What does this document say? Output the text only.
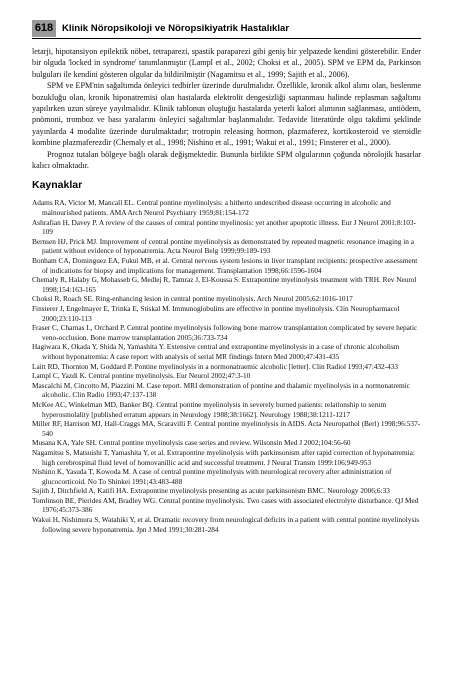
618 Klinik Nöropsikoloji ve Nöropsikiyatrik Hastalıklar

letarji, hipotansiyon epilektik nöbet, tetraparezi, spastik paraparezi gibi geniş bir yelpazede kendini gösterebilir. Ender bir olguda 'locked in syndrome' tanımlanmıştır (Lampl et al., 2002; Choksi et al., 2005). SPM ve EPM da, Parkinson bulguları ile kendini gösteren olgular da bildirilmiştir (Nagamitsu et al., 1999; Sajith et al., 2006).

SPM ve EPM'nin sağaltımda önleyici tedbirler üzerinde durulmalıdır. Özellikle, kronik alkol alımı olan, beslenme bozukluğu olan, kronik hiponatremisi olan hastalarda elektrolit dengesizliği saptanması halinde replasman sağaltımı yapılırken uzun süreye yayılmalıdır. Klinik tablonun oluştuğu hastalarda yeterli kalori alımının sağlanması, antiödem, pnömoni, tromboz ve bası yaralarını önleyici sağaltımlar başlanmalıdır. Tedavide literatürde olgu takdimi şeklinde yayınlarda 4 modalite üzerinde durulmaktadır; trotropin releasing hormon, plazmaferez, kortikosteroid ve steroidle kombine plazmaferezdir (Chemaly et al., 1998; Nishino et al., 1991; Wakui et al., 1991; Finsterer et al., 2000).

Prognoz tutalan bölgeye bağlı olarak değişmektedir. Bununla birlikte SPM olgularının çoğunda nörolojik hasarlar kalıcı olmaktadır.

Kaynaklar

Adams RA, Victor M, Mancall EL. Central pontine myelinolysis: a hitherto undescribed disease occurring in alcoholic and malnourished patients. AMA Arch Neurol Psychiatry 1959;81:154-172

Ashrafian H, Davey P. A review of the causes of central pontine myelinosis: yet another apoptotic illness. Eur J Neurol 2001;8:103-109

Bernsen HJ, Prick MJ. Improvement of central pontine myelinolysis as demonstrated by repeated magnetic resonance imaging in a patient without evidence of hyponatremia. Acta Neurol Belg 1999;99:189-193

Bonham CA, Dominguez EA, Fukui MB, et al. Central nervous system lesions in liver transplant recipients: prospective assessment of indications for biopsy and implications for management. Transplantation 1998;66:1596-1604

Chemaly R, Halaby G, Mohasseb G, Medlej R, Tamraz J, El-Koussa S. Extrapontine myelinolysis treatment with TRH. Rev Neurol 1998;154:163-165

Choksi R, Roach SE. Ring-enhancing lesion in central pontine myelinolysis. Arch Neurol 2005;62:1016-1017

Finsterer J, Engelmayer E, Trinka E, Stiskal M. Immunoglobulins are effective in pontine myelinolysis. Clin Neuropharmacol 2000;23:110-113

Fraser C, Charnas L, Orchard P. Central pontine myelinolysis following bone marrow transplantation complicated by severe hepatic veno-occlusion. Bone marrow transplantation 2005;36:733-734

Hagiwara K, Okada Y, Shida N, Yamashita Y. Extensive central and extrapontine myelinolysis in a case of chronic alcoholism without hyponatremia: A case report with analysis of serial MR findings Intern Med 2000;47:431-435

Laitt RD, Thornton M, Goddard P. Pontine myelinolysis in a normonatraemic alcoholic [letter]. Clin Radiol 1993;47:432-433

Lampl C, Yazdi K. Central pontine myelinolysis. Eur Neurol 2002;47:3-10

Mascalchi M, Cincotto M, Piazzini M. Case report. MRI demonstration of pontine and thalamic myelinolysis in a normonatremic alcoholic. Clin Radio 1993;47:137-138

McKee AC, Winkelman MD, Banker BQ. Central pontine myelinolysis in severely burned patients: relationship to serum hyperosmolality [published erratum appears in Neurology 1988;38:1662]. Neurology 1988;38:1211-1217

Miller RF, Harrison MJ, Hall-Craggs MA, Scaravilli F. Central pontine myelinolysis in AIDS. Acta Neuropathol (Berl) 1998;96:537-540

Musana KA, Yale SH. Central pontine myelinolysis case series and review. Wilsonsin Med J 2002;104:56-60

Nagamitsu S, Matsuishi T, Yamashita Y, et al. Extrapontine myelinolysis with parkinsonism after rapid correction of hyponatremia: high cerebrospinal fluid level of homovanillic acid and successful treatment. J Neural Transm 1999:106;949-953

Nishino K, Yasuda T, Kowoda M. A case of central pontine myelinolysis with neurological recovery after administration of glucocorticoid. No To Shinkei 1991;43:483-488

Sajith J, Ditchfield A, Katifi HA. Extrapontine myelinolysis presenting as acute parkinsonism BMC. Neurology 2006;6:33

Tomlinson BE, Pierides AM, Bradley WG. Central pontine myelinolysis. Two cases with associated electrolyte disturbance. QJ Med 1976;45:373-386

Wakui H, Nishimura S, Watahiki Y, et al. Dramatic recovery from neurological deficits in a patient with central pontine myelinolysis following severe hyponatremia. Jpn J Med 1991;30:281-284
